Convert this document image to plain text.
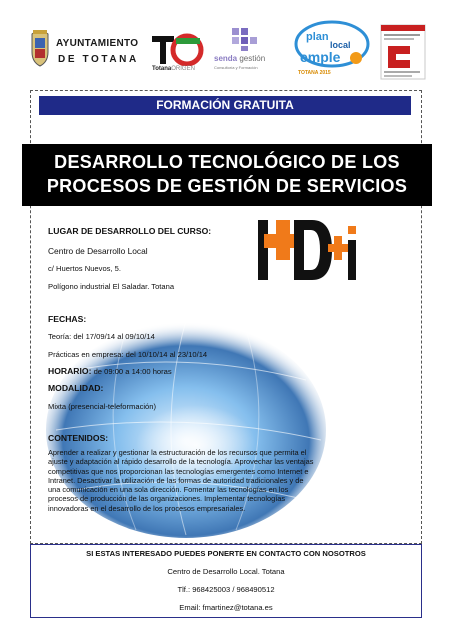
AYUNTAMIENTO
DE TOTANA
TotanaORIGEN
senda gestión
Consultoría y Formación
plan
local
emple
TOTANA 2015
FORMACIÓN GRATUITA
DESARROLLO TECNOLÓGICO DE LOS
PROCESOS DE GESTIÓN DE SERVICIOS
LUGAR DE DESARROLLO DEL CURSO:
Centro de Desarrollo Local
c/ Huertos Nuevos, 5.
Polígono industrial El Saladar. Totana
FECHAS:
Teoría: del 17/09/14 al 09/10/14
Prácticas en empresa: del 10/10/14 al 23/10/14
HORARIO: de 09:00 a 14:00 horas
MODALIDAD:
Mixta (presencial-teleformación)
CONTENIDOS:
Aprender a realizar y gestionar la estructuración de los recursos que permita el
ajuste y adaptación al rápido desarrollo de la tecnología. Aprovechar las ventajas
competitivas que nos proporcionan las tecnologías emergentes como Internet e
Intranet. Desactivar la utilización de las formas de autoridad tradicionales y de
una comunicación en una sola dirección. Fomentar las tecnologías en los
procesos de producción de las organizaciones. Implementar tecnologías
innovadoras en el desarrollo de los procesos empresariales.
SI ESTAS INTERESADO PUEDES PONERTE EN CONTACTO CON NOSOTROS
Centro de Desarrollo Local. Totana
Tlf.: 968425003 / 968490512
Email: fmartinez@totana.es
